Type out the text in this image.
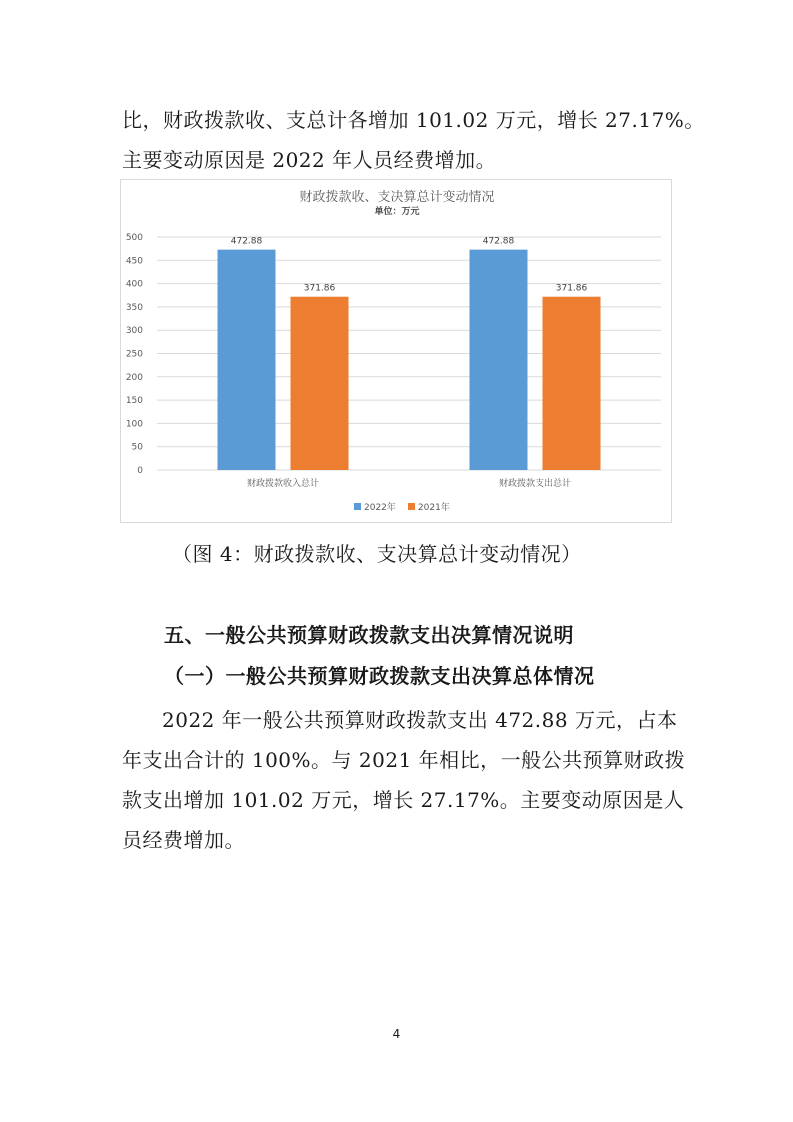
比，财政拨款收、支总计各增加 101.02 万元，增长 27.17%。
主要变动原因是 2022 年人员经费增加。
财政拨款收、支决算总计变动情况
单位：万元
0
50
100
150
200
250
300
350
400
450
500	472.88
371.86
财政拨款收入总计
472.88
371.86
财政拨款支出总计
2022年 2021年
（图 4：财政拨款收、支决算总计变动情况）
五、一般公共预算财政拨款支出决算情况说明
（一）一般公共预算财政拨款支出决算总体情况
2022 年一般公共预算财政拨款支出 472.88 万元，占本
年支出合计的 100%。与 2021 年相比，一般公共预算财政拨
款支出增加 101.02 万元，增长 27.17%。主要变动原因是人
员经费增加。
4
